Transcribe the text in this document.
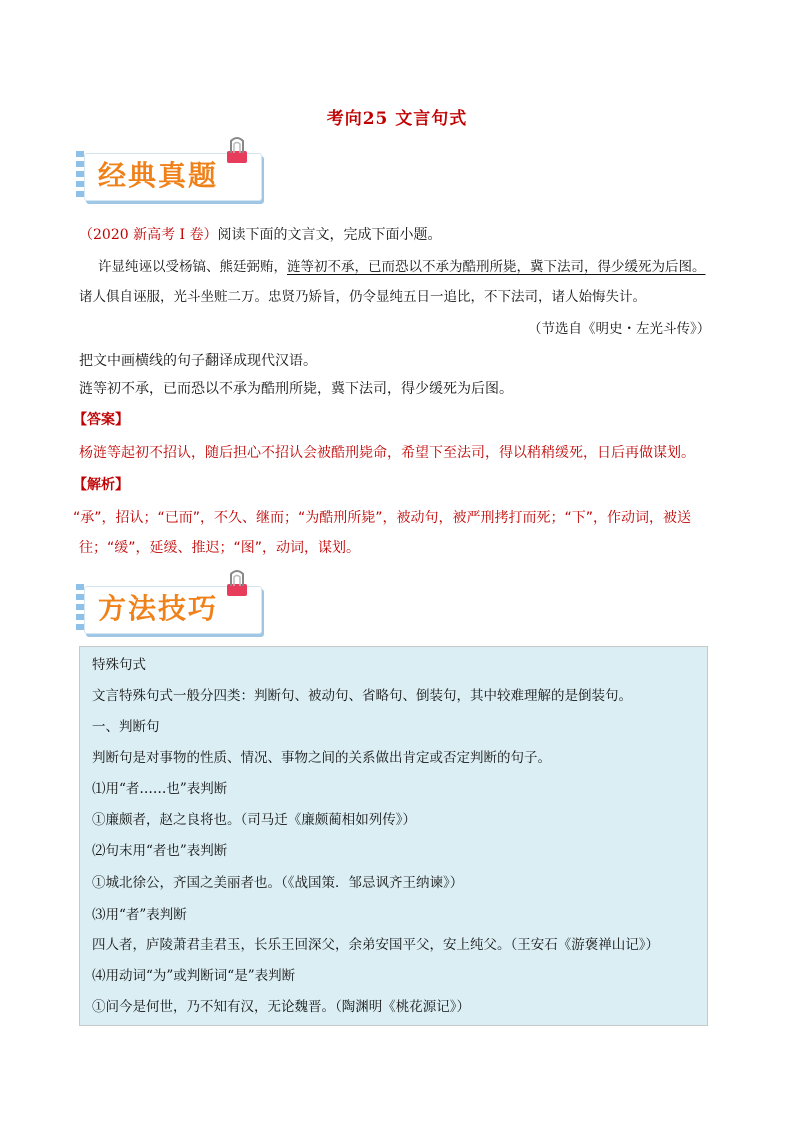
考向25 文言句式
经典真题
（2020 新高考 I 卷）阅读下面的文言文，完成下面小题。
许显纯诬以受杨镐、熊廷弼贿，涟等初不承，已而恐以不承为酷刑所毙，冀下法司，得少缓死为后图。
诸人俱自诬服，光斗坐赃二万。忠贤乃矫旨，仍令显纯五日一追比，不下法司，诸人始悔失计。
（节选自《明史・左光斗传》）
把文中画横线的句子翻译成现代汉语。
涟等初不承，已而恐以不承为酷刑所毙，冀下法司，得少缓死为后图。
【答案】
杨涟等起初不招认，随后担心不招认会被酷刑毙命，希望下至法司，得以稍稍缓死，日后再做谋划。
【解析】
“承”，招认；“已而”，不久、继而；“为酷刑所毙”，被动句，被严刑拷打而死；“下”，作动词，被送
往；“缓”，延缓、推迟；“图”，动词，谋划。
方法技巧
特殊句式
文言特殊句式一般分四类：判断句、被动句、省略句、倒装句，其中较难理解的是倒装句。
一、判断句
判断句是对事物的性质、情况、事物之间的关系做出肯定或否定判断的句子。
⑴用“者……也”表判断
①廉颇者，赵之良将也。（司马迁《廉颇蔺相如列传》）
⑵句末用“者也”表判断
①城北徐公，齐国之美丽者也。（《战国策．邹忌讽齐王纳谏》）
⑶用“者”表判断
四人者，庐陵萧君圭君玉，长乐王回深父，余弟安国平父，安上纯父。（王安石《游褒禅山记》）
⑷用动词“为”或判断词“是”表判断
①问今是何世，乃不知有汉，无论魏晋。（陶渊明《桃花源记》）
